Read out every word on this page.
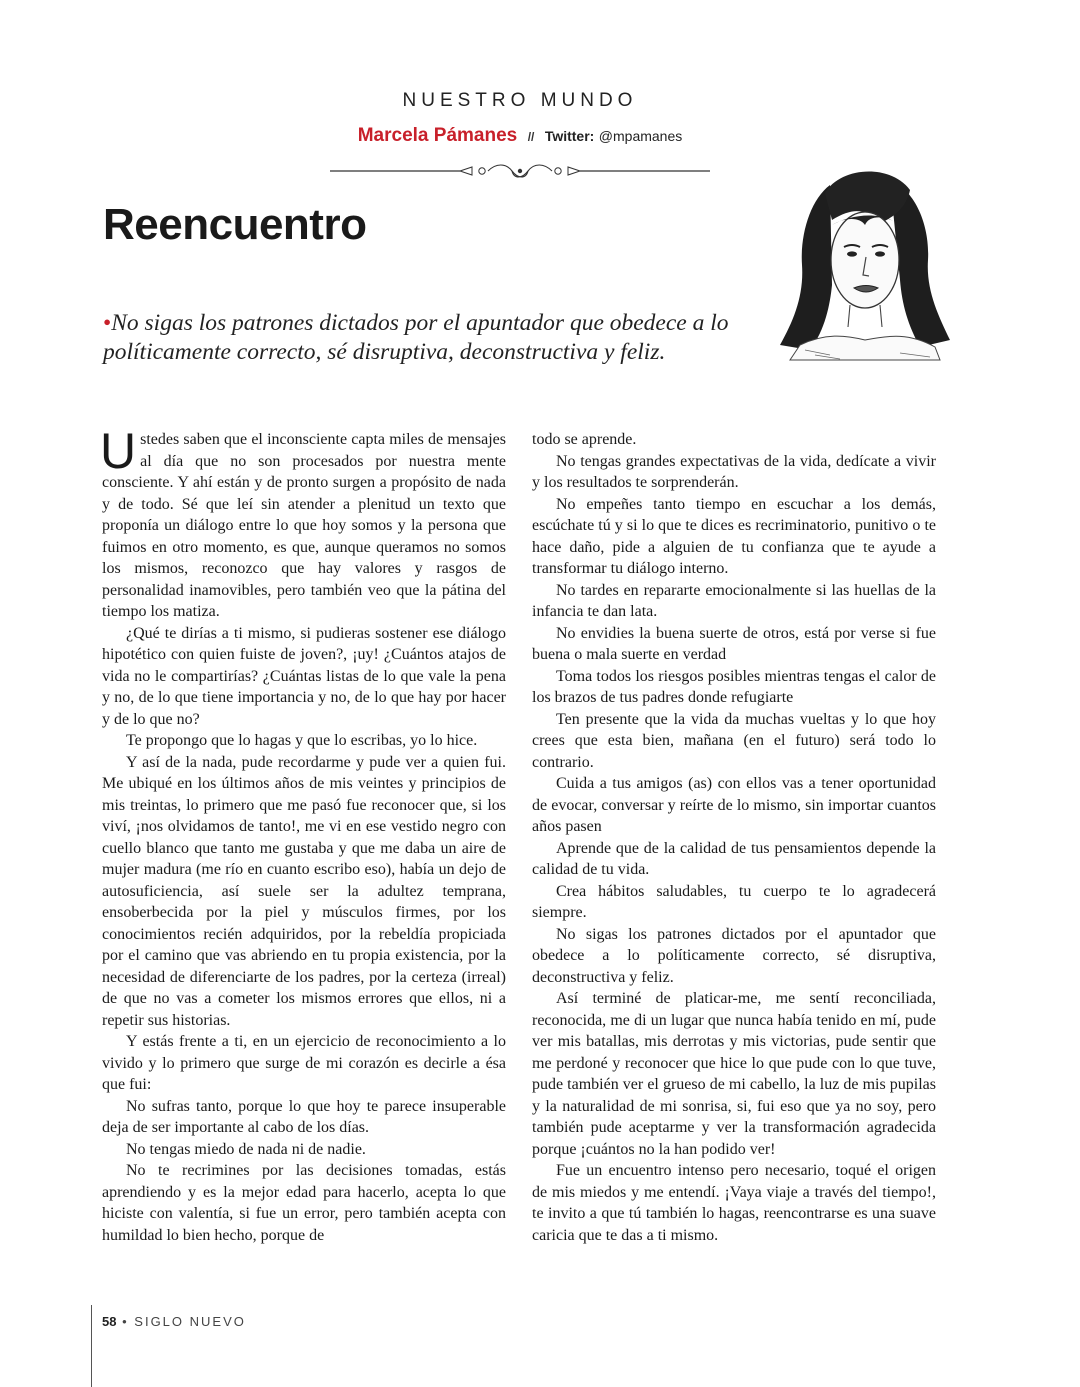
NUESTRO MUNDO
Marcela Pámanes // Twitter: @mpamanes
Reencuentro
•No sigas los patrones dictados por el apuntador que obedece a lo políticamente correcto, sé disruptiva, deconstructiva y feliz.

Ustedes saben que el inconsciente capta miles de mensajes al día que no son procesados por nuestra mente consciente. Y ahí están y de pronto surgen a propósito de nada y de todo. Sé que leí sin atender a plenitud un texto que proponía un diálogo entre lo que hoy somos y la persona que fuimos en otro momento, es que, aunque queramos no somos los mismos, reconozco que hay valores y rasgos de personalidad inamovibles, pero también veo que la pátina del tiempo los matiza.

¿Qué te dirías a ti mismo, si pudieras sostener ese diálogo hipotético con quien fuiste de joven?, ¡uy! ¿Cuántos atajos de vida no le compartirías? ¿Cuántas listas de lo que vale la pena y no, de lo que tiene importancia y no, de lo que hay por hacer y de lo que no?

Te propongo que lo hagas y que lo escribas, yo lo hice.

Y así de la nada, pude recordarme y pude ver a quien fui. Me ubiqué en los últimos años de mis veintes y principios de mis treintas, lo primero que me pasó fue reconocer que, si los viví, ¡nos olvidamos de tanto!, me vi en ese vestido negro con cuello blanco que tanto me gustaba y que me daba un aire de mujer madura (me río en cuanto escribo eso), había un dejo de autosuficiencia, así suele ser la adultez temprana, ensoberbecida por la piel y músculos firmes, por los conocimientos recién adquiridos, por la rebeldía propiciada por el camino que vas abriendo en tu propia existencia, por la necesidad de diferenciarte de los padres, por la certeza (irreal) de que no vas a cometer los mismos errores que ellos, ni a repetir sus historias.

Y estás frente a ti, en un ejercicio de reconocimiento a lo vivido y lo primero que surge de mi corazón es decirle a ésa que fui:

No sufras tanto, porque lo que hoy te parece insuperable deja de ser importante al cabo de los días.

No tengas miedo de nada ni de nadie.

No te recrimines por las decisiones tomadas, estás aprendiendo y es la mejor edad para hacerlo, acepta lo que hiciste con valentía, si fue un error, pero también acepta con humildad lo bien hecho, porque de

todo se aprende.

No tengas grandes expectativas de la vida, dedícate a vivir y los resultados te sorprenderán.

No empeñes tanto tiempo en escuchar a los demás, escúchate tú y si lo que te dices es recriminatorio, punitivo o te hace daño, pide a alguien de tu confianza que te ayude a transformar tu diálogo interno.

No tardes en repararte emocionalmente si las huellas de la infancia te dan lata.

No envidies la buena suerte de otros, está por verse si fue buena o mala suerte en verdad

Toma todos los riesgos posibles mientras tengas el calor de los brazos de tus padres donde refugiarte

Ten presente que la vida da muchas vueltas y lo que hoy crees que esta bien, mañana (en el futuro) será todo lo contrario.

Cuida a tus amigos (as) con ellos vas a tener oportunidad de evocar, conversar y reírte de lo mismo, sin importar cuantos años pasen

Aprende que de la calidad de tus pensamientos depende la calidad de tu vida.

Crea hábitos saludables, tu cuerpo te lo agradecerá siempre.

No sigas los patrones dictados por el apuntador que obedece a lo políticamente correcto, sé disruptiva, deconstructiva y feliz.

Así terminé de platicar-me, me sentí reconciliada, reconocida, me di un lugar que nunca había tenido en mí, pude ver mis batallas, mis derrotas y mis victorias, pude sentir que me perdoné y reconocer que hice lo que pude con lo que tuve, pude también ver el grueso de mi cabello, la luz de mis pupilas y la naturalidad de mi sonrisa, si, fui eso que ya no soy, pero también pude aceptarme y ver la transformación agradecida porque ¡cuántos no la han podido ver!

Fue un encuentro intenso pero necesario, toqué el origen de mis miedos y me entendí. ¡Vaya viaje a través del tiempo!, te invito a que tú también lo hagas, reencontrarse es una suave caricia que te das a ti mismo.

58 • SIGLO NUEVO
